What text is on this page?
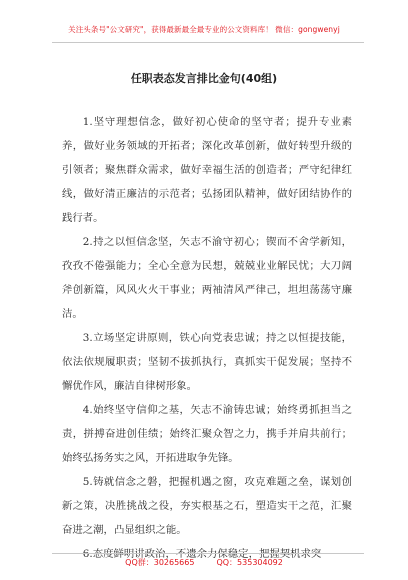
关注头条号"公文研究"，获得最新最全最专业的公文资料库！ 微信：gongwenyj
任职表态发言排比金句(40组)

1.坚守理想信念，做好初心使命的坚守者；提升专业素养，做好业务领域的开拓者；深化改革创新，做好转型升级的引领者；聚焦群众需求，做好幸福生活的创造者；严守纪律红线，做好清正廉洁的示范者；弘扬团队精神，做好团结协作的践行者。

2.持之以恒信念坚，矢志不渝守初心；锲而不舍学新知，孜孜不倦强能力；全心全意为民想，兢兢业业解民忧；大刀阔斧创新篇，风风火火干事业；两袖清风严律己，坦坦荡荡守廉洁。

3.立场坚定讲原则，铁心向党表忠诚；持之以恒提技能，依法依规履职责；坚韧不拔抓执行，真抓实干促发展；坚持不懈优作风，廉洁自律树形象。

4.始终坚守信仰之基，矢志不渝铸忠诚；始终勇抓担当之责，拼搏奋进创佳绩；始终汇聚众智之力，携手并肩共前行；始终弘扬务实之风，开拓进取争先锋。

5.铸就信念之磐，把握机遇之窗，攻克难题之垒，谋划创新之策，决胜挑战之役，夯实根基之石，塑造实干之范，汇聚奋进之潮，凸显组织之能。

6.态度鲜明讲政治，不遗余力保稳定，把握契机求突

QQ群：30265665	QQ：535304092
